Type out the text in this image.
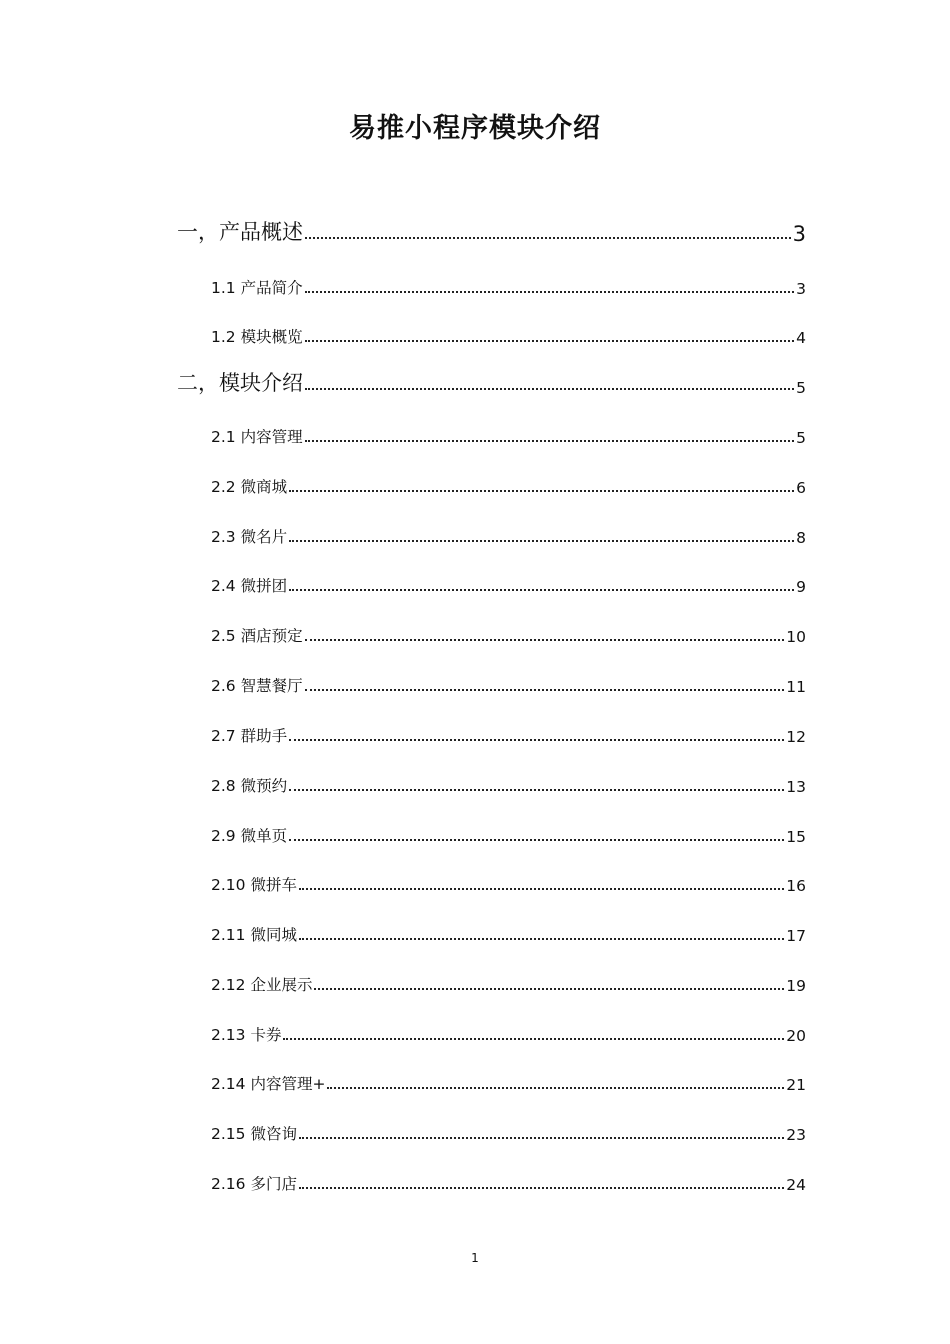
易推小程序模块介绍
一，产品概述	3
1.1 产品简介	3
1.2 模块概览	4
二，模块介绍	5
2.1 内容管理	5
2.2 微商城	6
2.3 微名片	8
2.4 微拼团	9
2.5 酒店预定	10
2.6 智慧餐厅	11
2.7 群助手	12
2.8 微预约	13
2.9 微单页	15
2.10 微拼车	16
2.11 微同城	17
2.12 企业展示	19
2.13 卡券	20
2.14 内容管理+	21
2.15 微咨询	23
2.16 多门店	24
1
